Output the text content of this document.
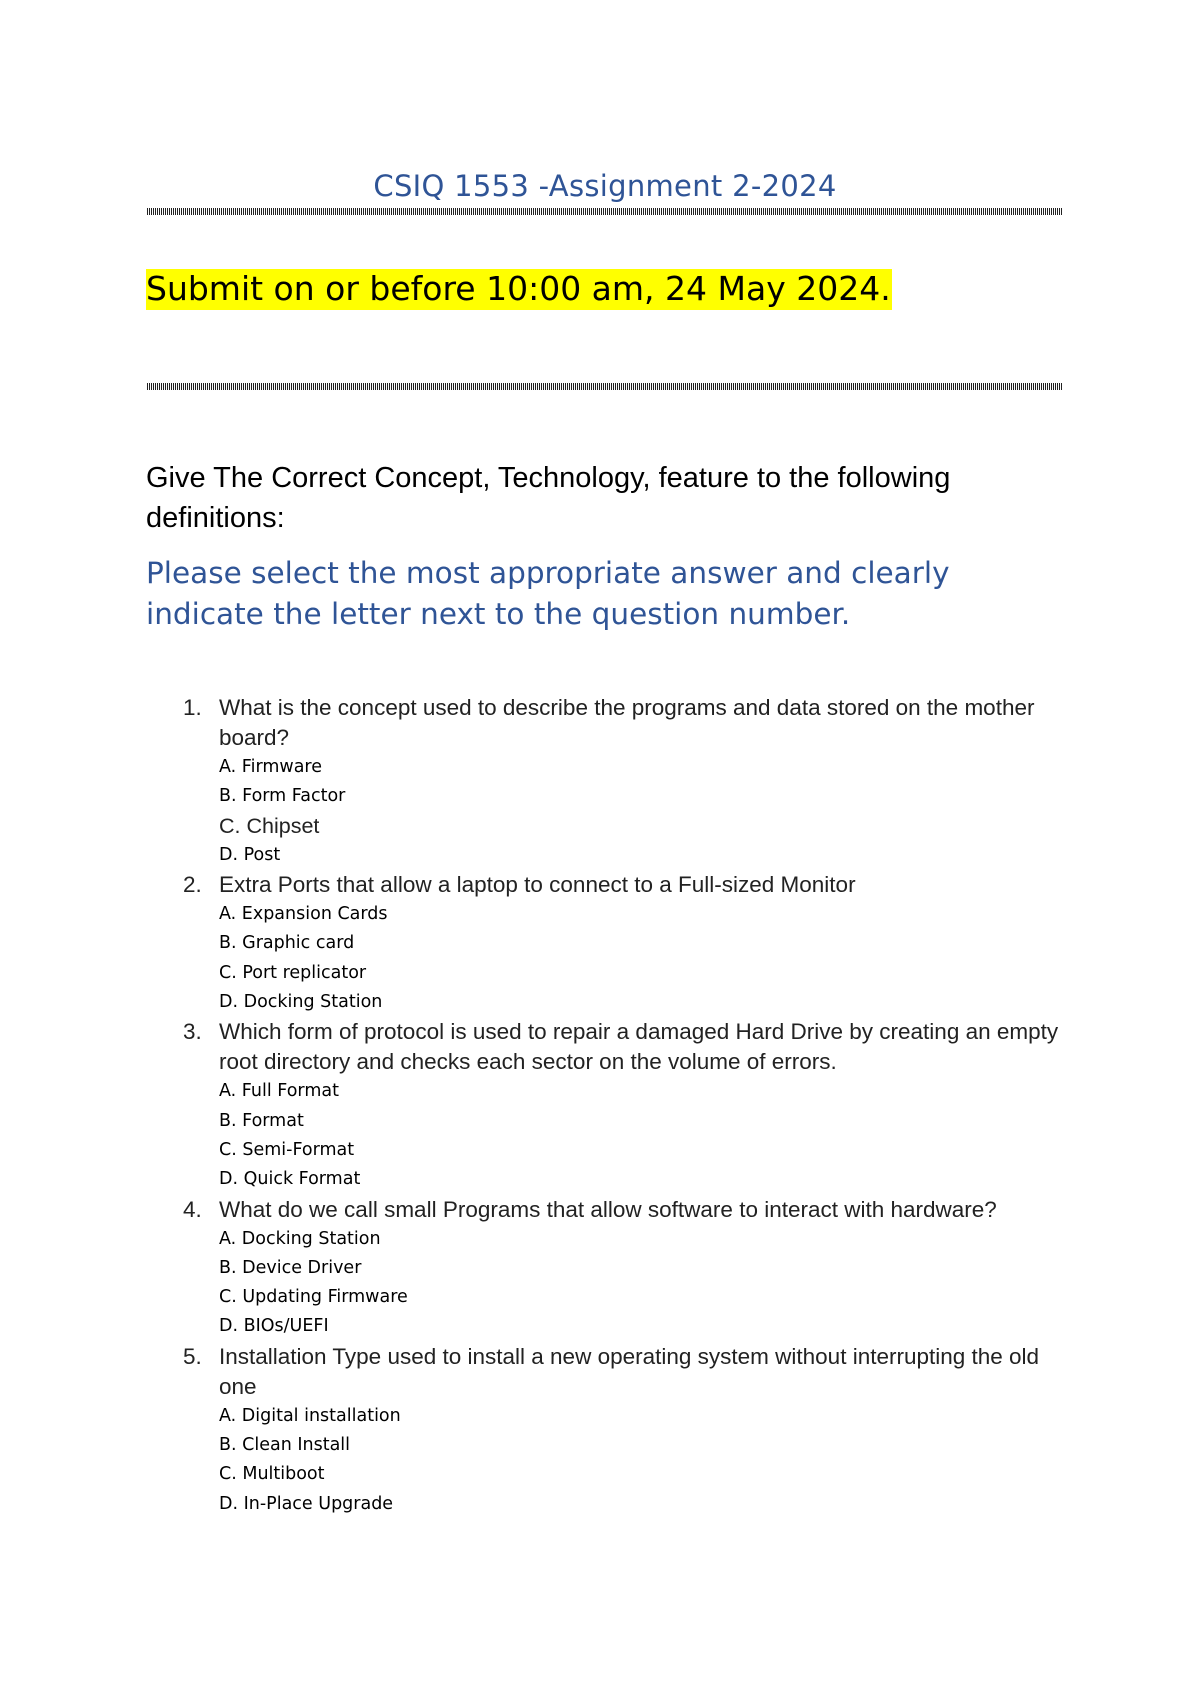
CSIQ 1553 -Assignment 2-2024
Submit on or before 10:00 am, 24 May 2024.
Give The Correct Concept, Technology, feature to the following definitions:
Please select the most appropriate answer and clearly indicate the letter next to the question number.
1. What is the concept used to describe the programs and data stored on the mother board?
A. Firmware
B. Form Factor
C. Chipset
D. Post
2. Extra Ports that allow a laptop to connect to a Full-sized Monitor
A. Expansion Cards
B. Graphic card
C. Port replicator
D. Docking Station
3. Which form of protocol is used to repair a damaged Hard Drive by creating an empty root directory and checks each sector on the volume of errors.
A. Full Format
B. Format
C. Semi-Format
D. Quick Format
4. What do we call small Programs that allow software to interact with hardware?
A. Docking Station
B. Device Driver
C. Updating Firmware
D. BIOs/UEFI
5. Installation Type used to install a new operating system without interrupting the old one
A. Digital installation
B. Clean Install
C. Multiboot
D. In-Place Upgrade
